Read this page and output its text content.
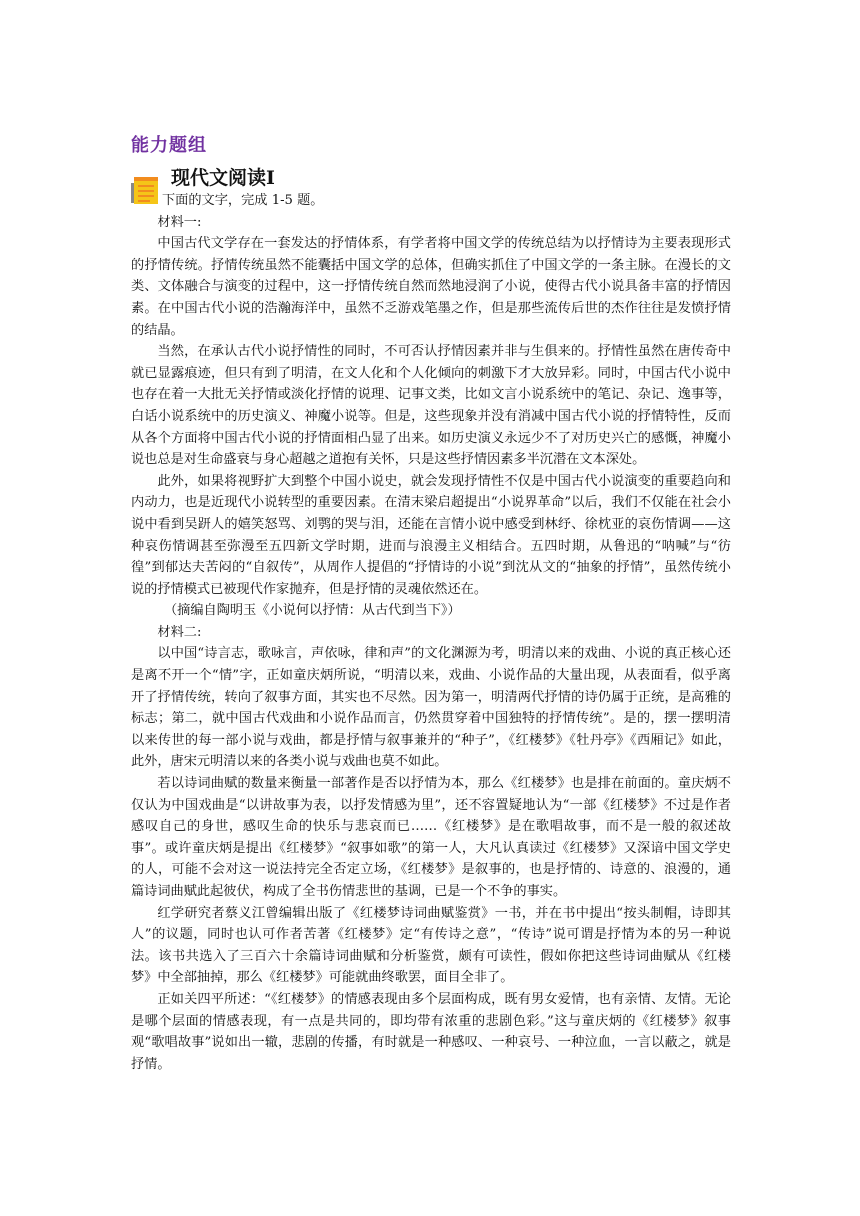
能力题组
现代文阅读Ⅰ

下面的文字，完成 1-5 题。

材料一:

中国古代文学存在一套发达的抒情体系，有学者将中国文学的传统总结为以抒情诗为主要表现形式的抒情传统。抒情传统虽然不能囊括中国文学的总体，但确实抓住了中国文学的一条主脉。在漫长的文类、文体融合与演变的过程中，这一抒情传统自然而然地浸润了小说，使得古代小说具备丰富的抒情因素。在中国古代小说的浩瀚海洋中，虽然不乏游戏笔墨之作，但是那些流传后世的杰作往往是发愤抒情的结晶。

当然，在承认古代小说抒情性的同时，不可否认抒情因素并非与生俱来的。抒情性虽然在唐传奇中就已显露痕迹，但只有到了明清，在文人化和个人化倾向的刺激下才大放异彩。同时，中国古代小说中也存在着一大批无关抒情或淡化抒情的说理、记事文类，比如文言小说系统中的笔记、杂记、逸事等，白话小说系统中的历史演义、神魔小说等。但是，这些现象并没有消减中国古代小说的抒情特性，反而从各个方面将中国古代小说的抒情面相凸显了出来。如历史演义永远少不了对历史兴亡的感慨，神魔小说也总是对生命盛衰与身心超越之道抱有关怀，只是这些抒情因素多半沉潜在文本深处。

此外，如果将视野扩大到整个中国小说史，就会发现抒情性不仅是中国古代小说演变的重要趋向和内动力，也是近现代小说转型的重要因素。在清末梁启超提出“小说界革命”以后，我们不仅能在社会小说中看到吴趼人的嬉笑怒骂、刘鹗的哭与泪，还能在言情小说中感受到林纾、徐枕亚的哀伤情调——这种哀伤情调甚至弥漫至五四新文学时期，进而与浪漫主义相结合。五四时期，从鲁迅的“呐喊”与“彷徨”到郁达夫苦闷的“自叙传”，从周作人提倡的“抒情诗的小说”到沈从文的“抽象的抒情”，虽然传统小说的抒情模式已被现代作家抛弃，但是抒情的灵魂依然还在。

（摘编自陶明玉《小说何以抒情：从古代到当下》）

材料二:

以中国“诗言志，歌咏言，声依咏，律和声”的文化渊源为考，明清以来的戏曲、小说的真正核心还是离不开一个“情”字，正如童庆炳所说，“明清以来，戏曲、小说作品的大量出现，从表面看，似乎离开了抒情传统，转向了叙事方面，其实也不尽然。因为第一，明清两代抒情的诗仍属于正统，是高雅的标志；第二，就中国古代戏曲和小说作品而言，仍然贯穿着中国独特的抒情传统”。是的，摆一摆明清以来传世的每一部小说与戏曲，都是抒情与叙事兼并的“种子”，《红楼梦》《牡丹亭》《西厢记》如此，此外，唐宋元明清以来的各类小说与戏曲也莫不如此。

若以诗词曲赋的数量来衡量一部著作是否以抒情为本，那么《红楼梦》也是排在前面的。童庆炳不仅认为中国戏曲是“以讲故事为表，以抒发情感为里”，还不容置疑地认为“一部《红楼梦》不过是作者感叹自己的身世，感叹生命的快乐与悲哀而已……《红楼梦》是在歌唱故事，而不是一般的叙述故事”。或许童庆炳是提出《红楼梦》“叙事如歌”的第一人，大凡认真读过《红楼梦》又深谙中国文学史的人，可能不会对这一说法持完全否定立场，《红楼梦》是叙事的，也是抒情的、诗意的、浪漫的，通篇诗词曲赋此起彼伏，构成了全书伤情悲世的基调，已是一个不争的事实。

红学研究者蔡义江曾编辑出版了《红楼梦诗词曲赋鉴赏》一书，并在书中提出“按头制帽，诗即其人”的议题，同时也认可作者苦著《红楼梦》定“有传诗之意”，“传诗”说可谓是抒情为本的另一种说法。该书共选入了三百六十余篇诗词曲赋和分析鉴赏，颇有可读性，假如你把这些诗词曲赋从《红楼梦》中全部抽掉，那么《红楼梦》可能就曲终歌罢，面目全非了。

正如关四平所述：“《红楼梦》的情感表现由多个层面构成，既有男女爱情，也有亲情、友情。无论是哪个层面的情感表现，有一点是共同的，即均带有浓重的悲剧色彩。”这与童庆炳的《红楼梦》叙事观“歌唱故事”说如出一辙，悲剧的传播，有时就是一种感叹、一种哀号、一种泣血，一言以蔽之，就是抒情。
